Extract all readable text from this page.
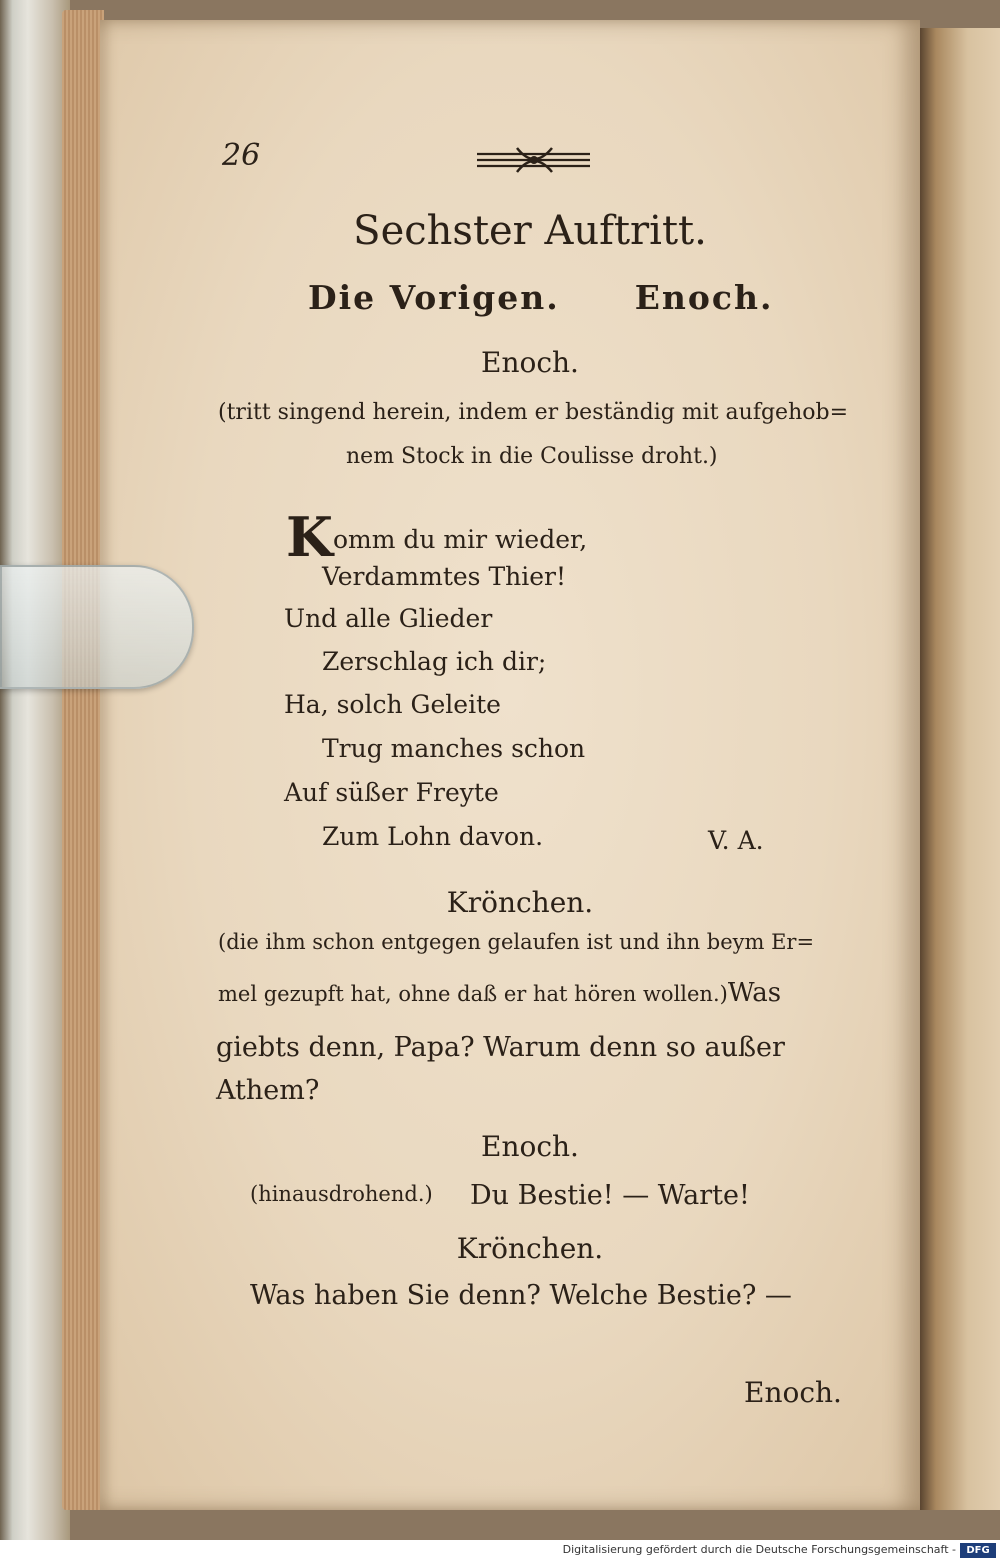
26
Sechster Auftritt.
Die Vorigen. Enoch.
Enoch.
(tritt singend herein, indem er beständig mit aufgehob=
nem Stock in die Coulisse droht.)
Komm du mir wieder,
Verdammtes Thier!
Und alle Glieder
Zerschlag ich dir;
Ha, solch Geleite
Trug manches schon
Auf süßer Freyte
Zum Lohn davon.	V. A.
Krönchen.
(die ihm schon entgegen gelaufen ist und ihn beym Er=
mel gezupft hat, ohne daß er hat hören wollen.)Was
giebts denn, Papa? Warum denn so außer
Athem?
Enoch.
(hinausdrohend.) Du Bestie! — Warte!
Krönchen.
Was haben Sie denn? Welche Bestie? —
Enoch.
Digitalisierung gefördert durch die Deutsche Forschungsgemeinschaft -	DFG
